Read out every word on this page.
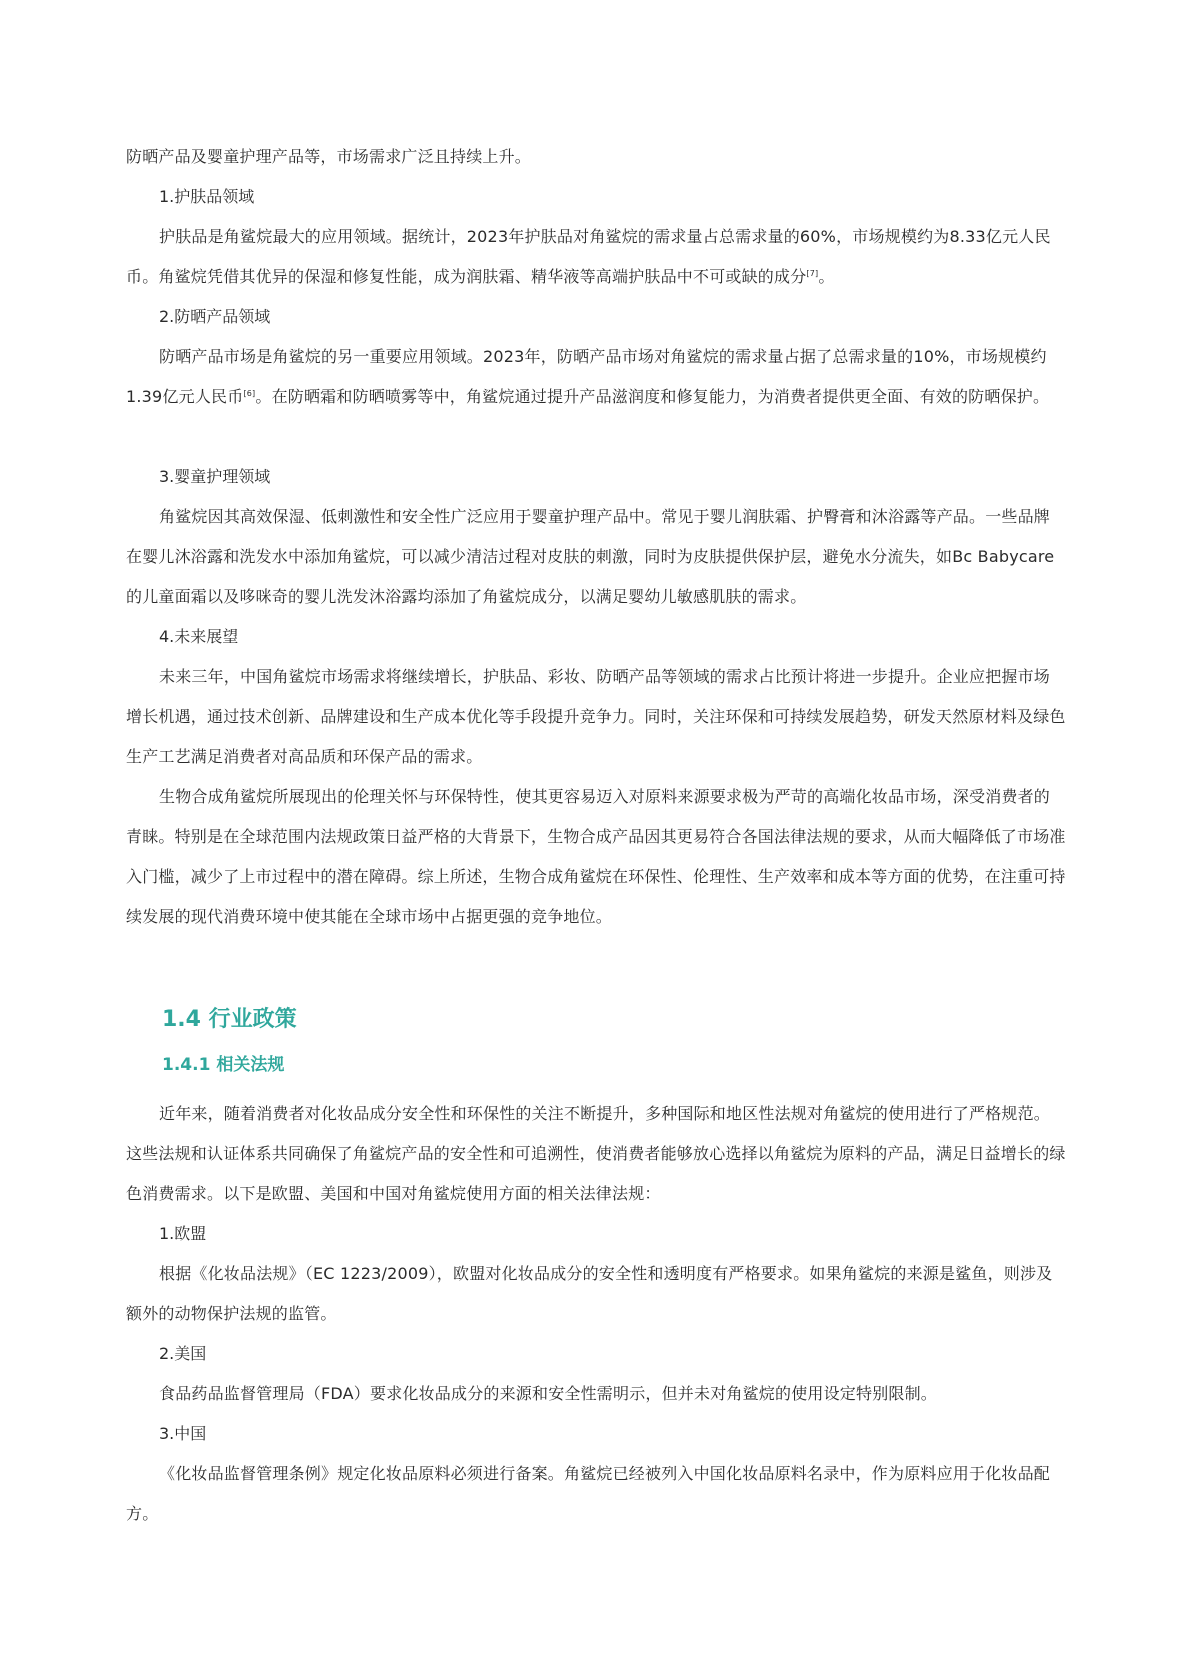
防晒产品及婴童护理产品等，市场需求广泛且持续上升。

1.护肤品领域

护肤品是角鲨烷最大的应用领域。据统计，2023年护肤品对角鲨烷的需求量占总需求量的60%，市场规模约为8.33亿元人民币。角鲨烷凭借其优异的保湿和修复性能，成为润肤霜、精华液等高端护肤品中不可或缺的成分[7]。

2.防晒产品领域

防晒产品市场是角鲨烷的另一重要应用领域。2023年，防晒产品市场对角鲨烷的需求量占据了总需求量的10%，市场规模约1.39亿元人民币[6]。在防晒霜和防晒喷雾等中，角鲨烷通过提升产品滋润度和修复能力，为消费者提供更全面、有效的防晒保护。

3.婴童护理领域

角鲨烷因其高效保湿、低刺激性和安全性广泛应用于婴童护理产品中。常见于婴儿润肤霜、护臀膏和沐浴露等产品。一些品牌在婴儿沐浴露和洗发水中添加角鲨烷，可以减少清洁过程对皮肤的刺激，同时为皮肤提供保护层，避免水分流失，如Bc Babycare的儿童面霜以及哆咪奇的婴儿洗发沐浴露均添加了角鲨烷成分，以满足婴幼儿敏感肌肤的需求。

4.未来展望

未来三年，中国角鲨烷市场需求将继续增长，护肤品、彩妆、防晒产品等领域的需求占比预计将进一步提升。企业应把握市场增长机遇，通过技术创新、品牌建设和生产成本优化等手段提升竞争力。同时，关注环保和可持续发展趋势，研发天然原材料及绿色生产工艺满足消费者对高品质和环保产品的需求。

生物合成角鲨烷所展现出的伦理关怀与环保特性，使其更容易迈入对原料来源要求极为严苛的高端化妆品市场，深受消费者的青睐。特别是在全球范围内法规政策日益严格的大背景下，生物合成产品因其更易符合各国法律法规的要求，从而大幅降低了市场准入门槛，减少了上市过程中的潜在障碍。综上所述，生物合成角鲨烷在环保性、伦理性、生产效率和成本等方面的优势，在注重可持续发展的现代消费环境中使其能在全球市场中占据更强的竞争地位。

1.4 行业政策
1.4.1 相关法规

近年来，随着消费者对化妆品成分安全性和环保性的关注不断提升，多种国际和地区性法规对角鲨烷的使用进行了严格规范。这些法规和认证体系共同确保了角鲨烷产品的安全性和可追溯性，使消费者能够放心选择以角鲨烷为原料的产品，满足日益增长的绿色消费需求。以下是欧盟、美国和中国对角鲨烷使用方面的相关法律法规：

1.欧盟

根据《化妆品法规》（EC 1223/2009），欧盟对化妆品成分的安全性和透明度有严格要求。如果角鲨烷的来源是鲨鱼，则涉及额外的动物保护法规的监管。

2.美国

食品药品监督管理局（FDA）要求化妆品成分的来源和安全性需明示，但并未对角鲨烷的使用设定特别限制。

3.中国

《化妆品监督管理条例》规定化妆品原料必须进行备案。角鲨烷已经被列入中国化妆品原料名录中，作为原料应用于化妆品配方。
